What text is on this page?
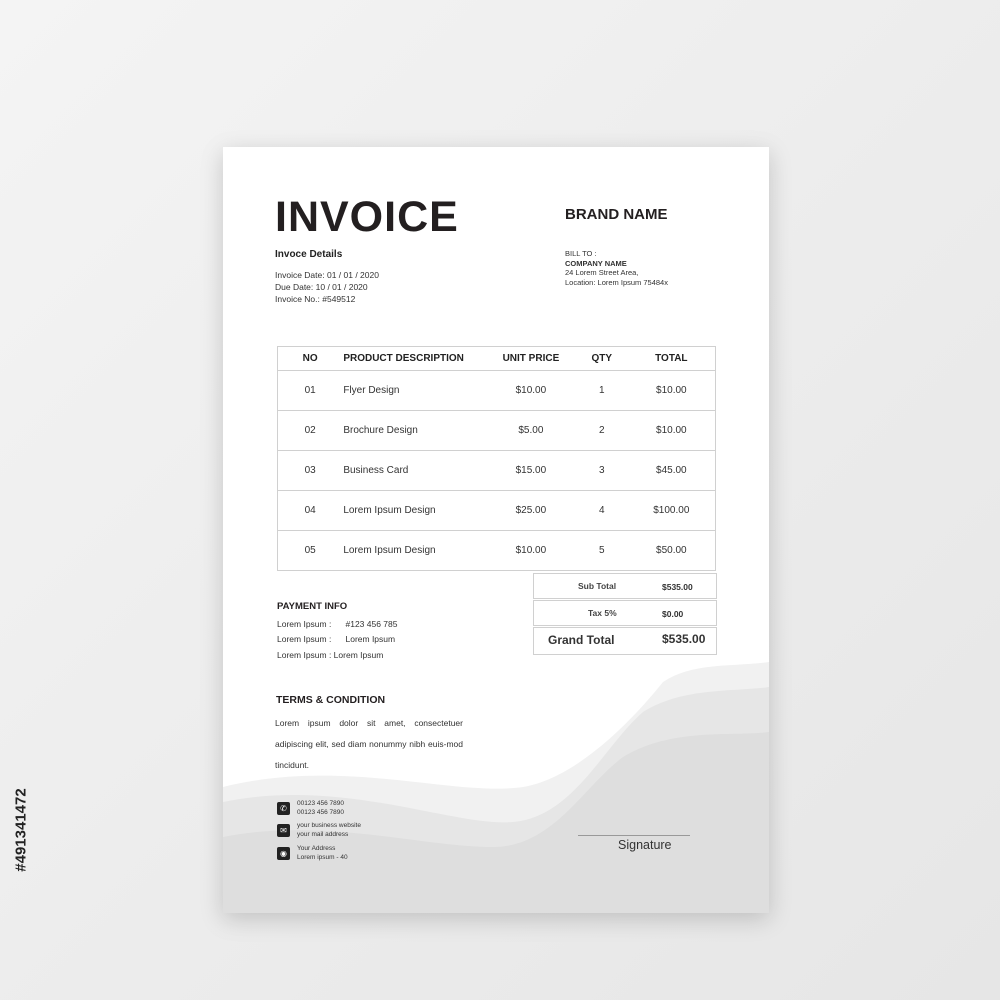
INVOICE	BRAND NAME
Invoce Details
Invoice Date: 01 / 01 / 2020
Due Date: 10 / 01 / 2020
Invoice No.: #549512
BILL TO :
COMPANY NAME
24 Lorem Street Area,
Location: Lorem Ipsum 75484x
NO	PRODUCT DESCRIPTION	UNIT PRICE	QTY	TOTAL
01	Flyer Design	$10.00	1	$10.00
02	Brochure Design	$5.00	2	$10.00
03	Business Card	$15.00	3	$45.00
04	Lorem Ipsum Design	$25.00	4	$100.00
05	Lorem Ipsum Design	$10.00	5	$50.00
Sub Total	$535.00
Tax 5%	$0.00
Grand Total	$535.00
PAYMENT INFO
Lorem Ipsum :      #123 456 785
Lorem Ipsum :      Lorem Ipsum
Lorem Ipsum : Lorem Ipsum
TERMS & CONDITION
Lorem ipsum dolor sit amet, consectetuer adipiscing elit, sed diam nonummy nibh euis-mod tincidunt.
✆
00123 456 7890
00123 456 7890
✉
your business website
your mail address
◉
Your Address
Lorem ipsum - 40
Signature
#491341472
